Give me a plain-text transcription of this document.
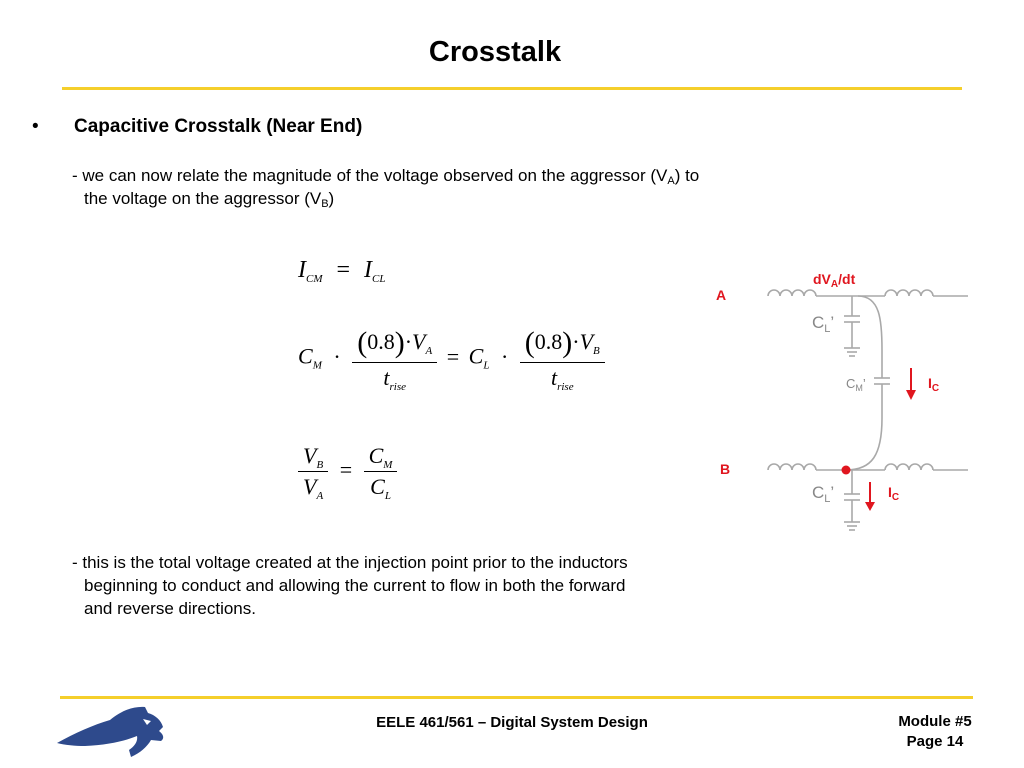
Crosstalk
• Capacitive Crosstalk (Near End)
- we can now relate the magnitude of the voltage observed on the aggressor $(V_A)$ to
the voltage on the aggressor $(V_B)$
$I_{CM} = I_{CL}$
$C_M \cdot \frac{(0.8)\cdot V_A}{t_{rise}} = C_L \cdot \frac{(0.8)\cdot V_B}{t_{rise}}$
$\frac{V_B}{V_A} = \frac{C_M}{C_L}$
- this is the total voltage created at the injection point prior to the inductors
beginning to conduct and allowing the current to flow in both the forward
and reverse directions.
A
B
$dV_A/dt$
$C_L$’
$C_M$’
$C_L$’
$I_C$
$I_C$
EELE 461/561 – Digital System Design	Module #5
Page 14
